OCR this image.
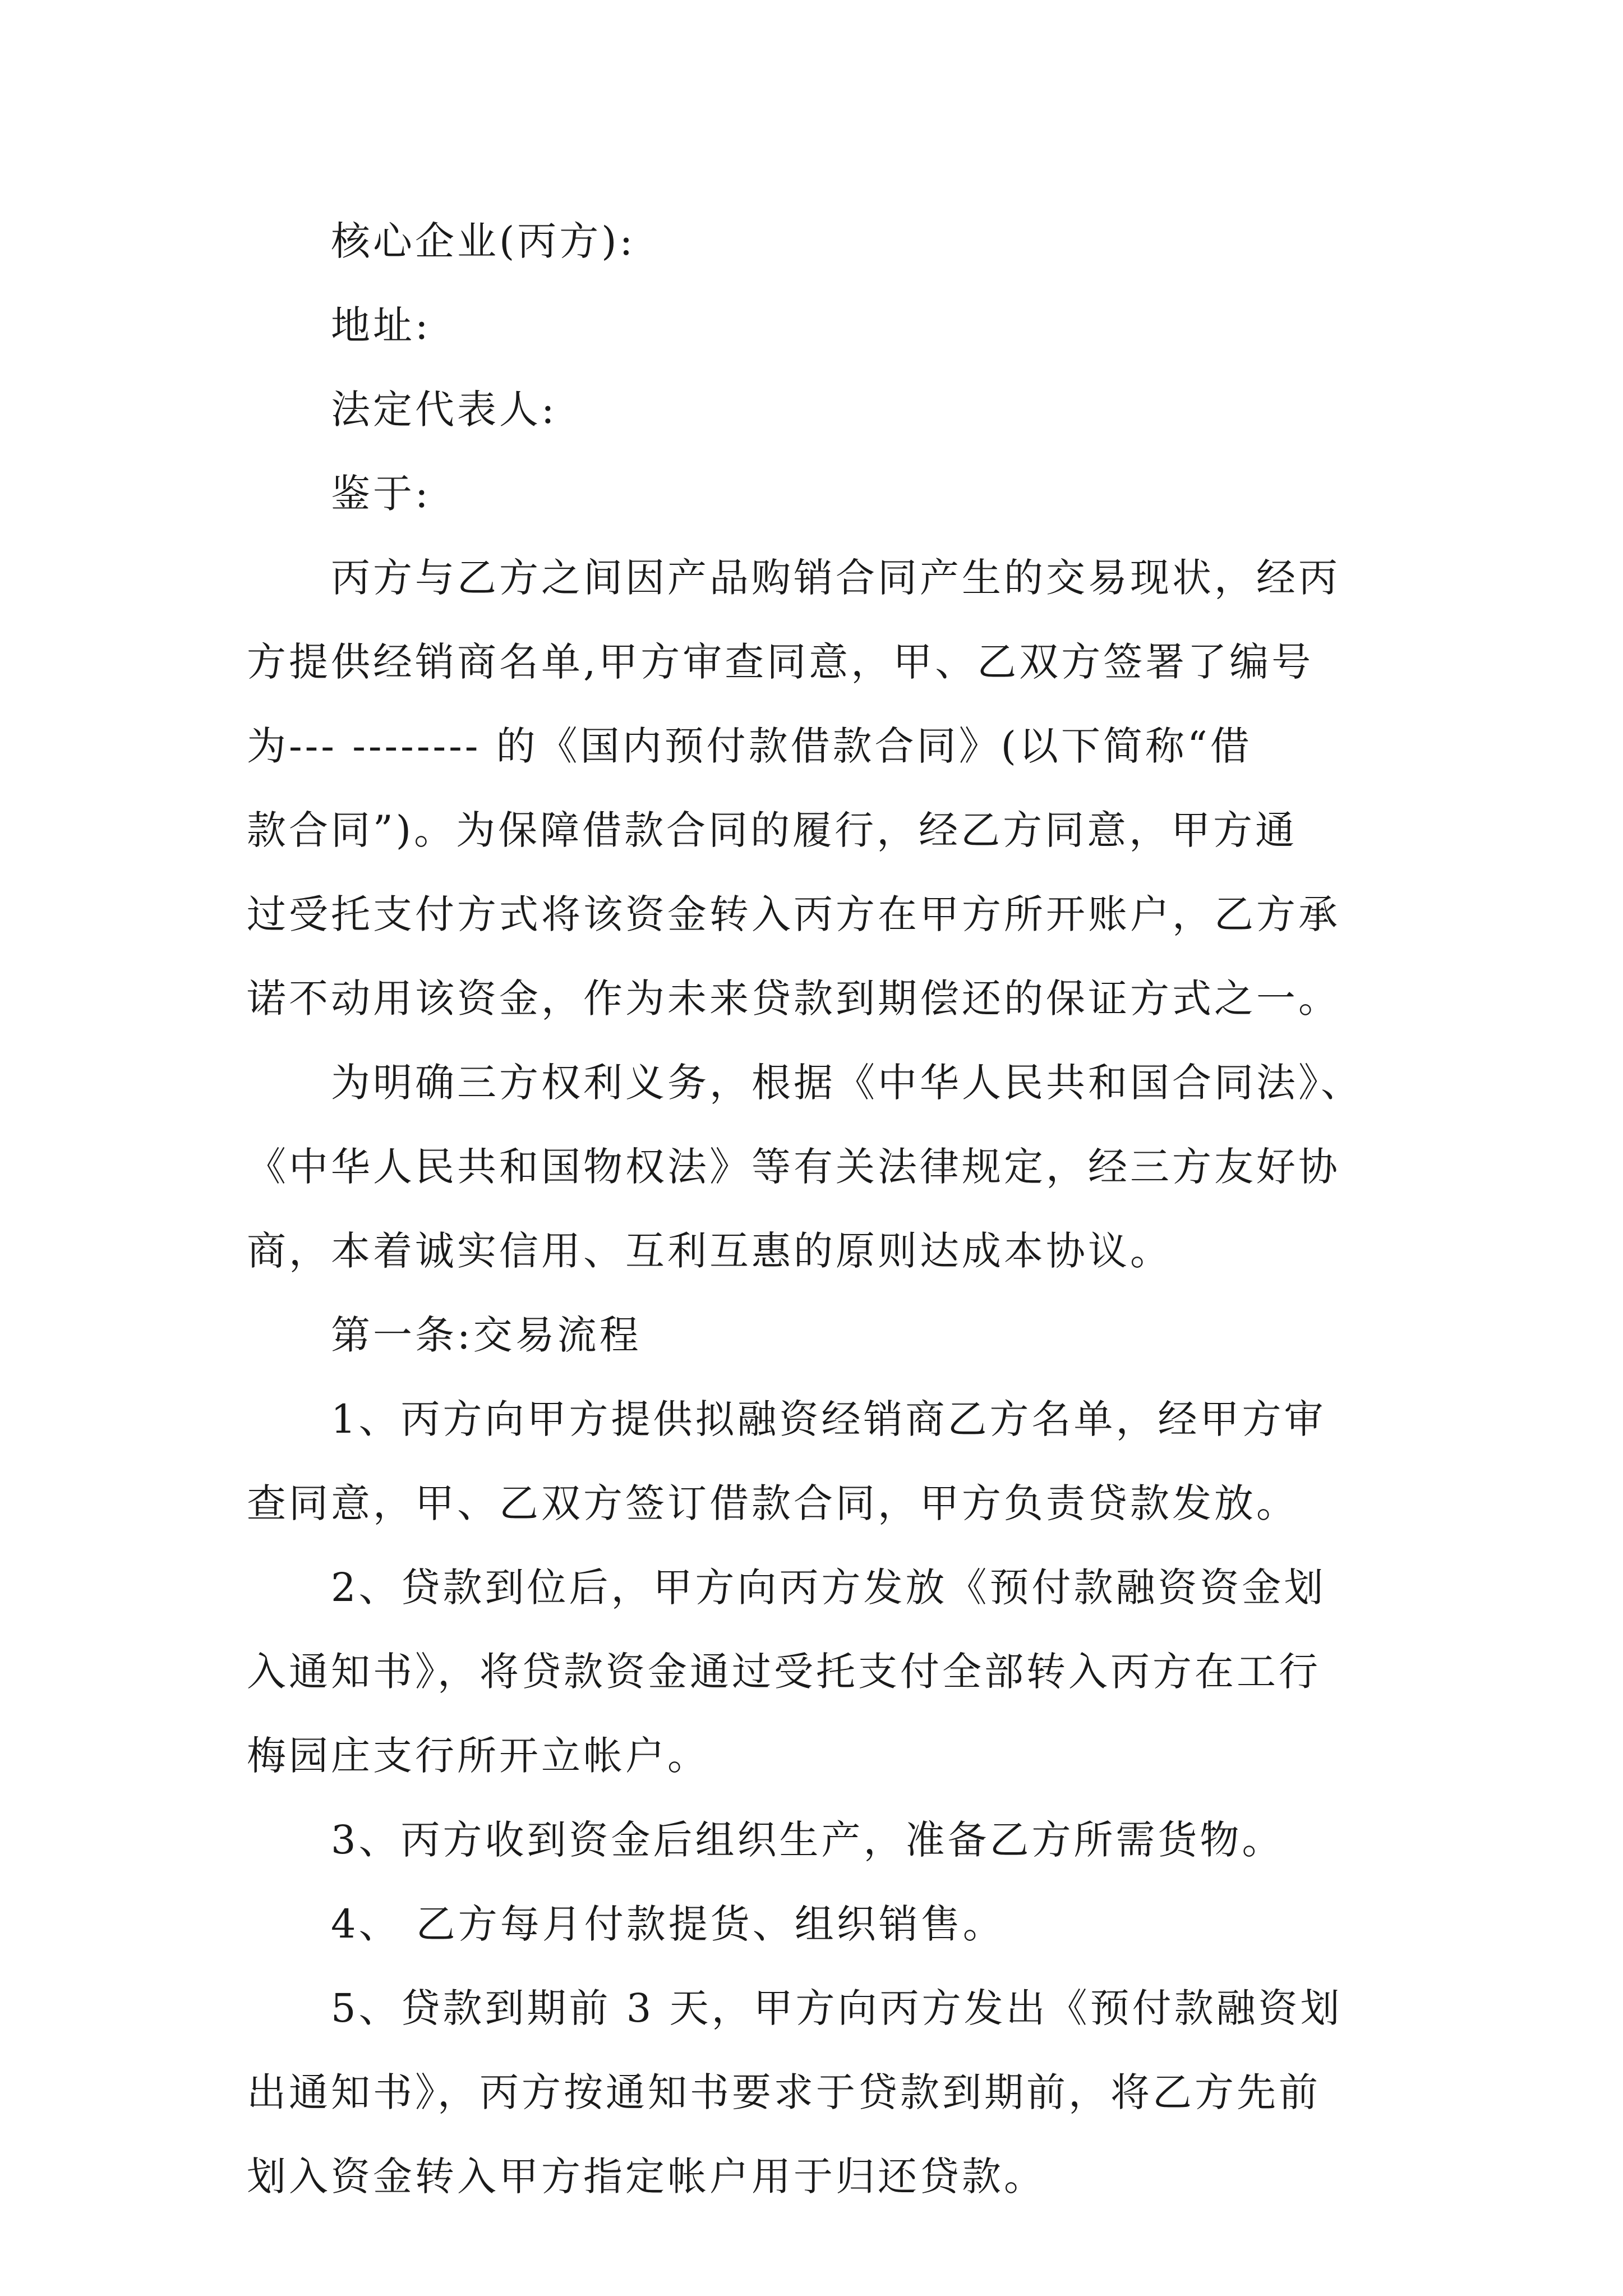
核心企业(丙方):
地址:
法定代表人:
鉴于:
丙方与乙方之间因产品购销合同产生的交易现状，经丙
方提供经销商名单,甲方审查同意，甲、乙双方签署了编号
为--- -------- 的《国内预付款借款合同》(以下简称“借
款合同”)。为保障借款合同的履行，经乙方同意，甲方通
过受托支付方式将该资金转入丙方在甲方所开账户，乙方承
诺不动用该资金，作为未来贷款到期偿还的保证方式之一。
为明确三方权利义务，根据《中华人民共和国合同法》、
《中华人民共和国物权法》等有关法律规定，经三方友好协
商，本着诚实信用、互利互惠的原则达成本协议。
第一条:交易流程
1、丙方向甲方提供拟融资经销商乙方名单，经甲方审
查同意，甲、乙双方签订借款合同，甲方负责贷款发放。
2、贷款到位后，甲方向丙方发放《预付款融资资金划
入通知书》，将贷款资金通过受托支付全部转入丙方在工行
梅园庄支行所开立帐户。
3、丙方收到资金后组织生产，准备乙方所需货物。
4、 乙方每月付款提货、组织销售。
5、贷款到期前 3 天，甲方向丙方发出《预付款融资划
出通知书》，丙方按通知书要求于贷款到期前，将乙方先前
划入资金转入甲方指定帐户用于归还贷款。
